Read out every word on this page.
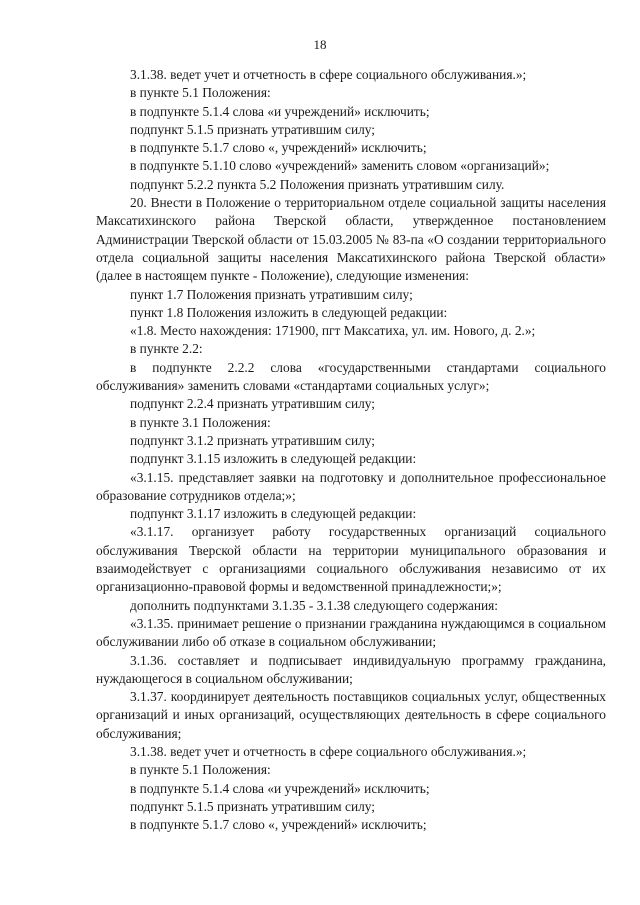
18

3.1.38. ведет учет и отчетность в сфере социального обслуживания.»;

в пункте 5.1 Положения:

в подпункте 5.1.4 слова «и учреждений» исключить;

подпункт 5.1.5 признать утратившим силу;

в подпункте 5.1.7 слово «, учреждений» исключить;

в подпункте 5.1.10 слово «учреждений» заменить словом «организаций»;

подпункт 5.2.2 пункта 5.2 Положения признать утратившим силу.

20. Внести в Положение о территориальном отделе социальной защиты населения Максатихинского района Тверской области, утвержденное постановлением Администрации Тверской области от 15.03.2005 № 83-па «О создании территориального отдела социальной защиты населения Максатихинского района Тверской области» (далее в настоящем пункте - Положение), следующие изменения:

пункт 1.7 Положения признать утратившим силу;

пункт 1.8 Положения изложить в следующей редакции:

«1.8. Место нахождения: 171900, пгт Максатиха, ул. им. Нового, д. 2.»;

в пункте 2.2:

в подпункте 2.2.2 слова «государственными стандартами социального обслуживания» заменить словами «стандартами социальных услуг»;

подпункт 2.2.4 признать утратившим силу;

в пункте 3.1 Положения:

подпункт 3.1.2 признать утратившим силу;

подпункт 3.1.15 изложить в следующей редакции:

«3.1.15. представляет заявки на подготовку и дополнительное профессиональное образование сотрудников отдела;»;

подпункт 3.1.17 изложить в следующей редакции:

«3.1.17. организует работу государственных организаций социального обслуживания Тверской области на территории муниципального образования и взаимодействует с организациями социального обслуживания независимо от их организационно-правовой формы и ведомственной принадлежности;»;

дополнить подпунктами 3.1.35 - 3.1.38 следующего содержания:

«3.1.35. принимает решение о признании гражданина нуждающимся в социальном обслуживании либо об отказе в социальном обслуживании;

3.1.36. составляет и подписывает индивидуальную программу гражданина, нуждающегося в социальном обслуживании;

3.1.37. координирует деятельность поставщиков социальных услуг, общественных организаций и иных организаций, осуществляющих деятельность в сфере социального обслуживания;

3.1.38. ведет учет и отчетность в сфере социального обслуживания.»;

в пункте 5.1 Положения:

в подпункте 5.1.4 слова «и учреждений» исключить;

подпункт 5.1.5 признать утратившим силу;

в подпункте 5.1.7 слово «, учреждений» исключить;
